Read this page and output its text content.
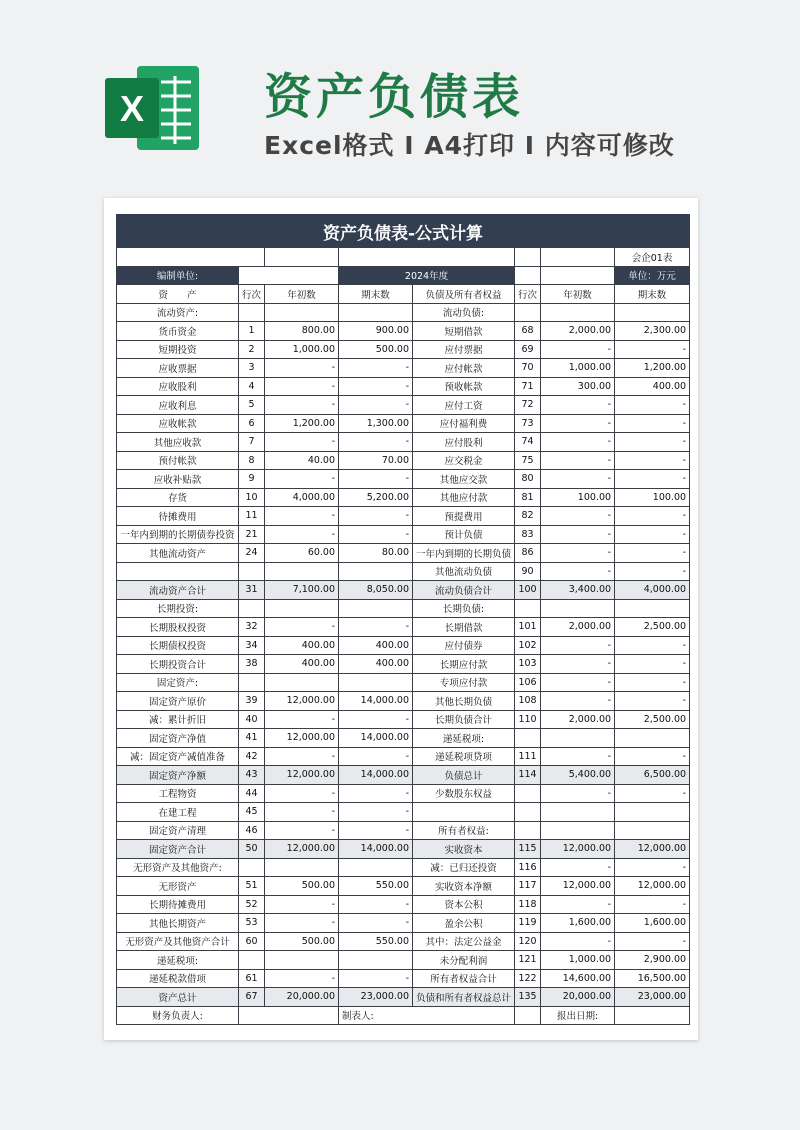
X 资产负债表
Excel格式 I A4打印 I 内容可修改
资产负债表-公式计算							
							会企01表
编制单位:			2024年度				单位：万元
资　　产	行次	年初数	期末数	负债及所有者权益	行次	年初数	期末数
流动资产:				流动负债:			
货币资金	1	800.00	900.00	短期借款	68	2,000.00	2,300.00
短期投资	2	1,000.00	500.00	应付票据	69	-	-
应收票据	3	-	-	应付帐款	70	1,000.00	1,200.00
应收股利	4	-	-	预收帐款	71	300.00	400.00
应收利息	5	-	-	应付工资	72	-	-
应收帐款	6	1,200.00	1,300.00	应付福利费	73	-	-
其他应收款	7	-	-	应付股利	74	-	-
预付帐款	8	40.00	70.00	应交税金	75	-	-
应收补贴款	9	-	-	其他应交款	80	-	-
存货	10	4,000.00	5,200.00	其他应付款	81	100.00	100.00
待摊费用	11	-	-	预提费用	82	-	-
一年内到期的长期债券投资	21	-	-	预计负债	83	-	-
其他流动资产	24	60.00	80.00	一年内到期的长期负债	86	-	-
				其他流动负债	90	-	-
流动资产合计	31	7,100.00	8,050.00	流动负债合计	100	3,400.00	4,000.00
长期投资:				长期负债:			
长期股权投资	32	-	-	长期借款	101	2,000.00	2,500.00
长期债权投资	34	400.00	400.00	应付债券	102	-	-
长期投资合计	38	400.00	400.00	长期应付款	103	-	-
固定资产:				专项应付款	106	-	-
固定资产原价	39	12,000.00	14,000.00	其他长期负债	108	-	-
减：累计折旧	40	-	-	长期负债合计	110	2,000.00	2,500.00
固定资产净值	41	12,000.00	14,000.00	递延税项:			
减：固定资产减值准备	42	-	-	递延税项贷项	111	-	-
固定资产净额	43	12,000.00	14,000.00	负债总计	114	5,400.00	6,500.00
工程物资	44	-	-	少数股东权益		-	-
在建工程	45	-	-				
固定资产清理	46	-	-	所有者权益:			
固定资产合计	50	12,000.00	14,000.00	实收资本	115	12,000.00	12,000.00
无形资产及其他资产:				减：已归还投资	116	-	-
无形资产	51	500.00	550.00	实收资本净额	117	12,000.00	12,000.00
长期待摊费用	52	-	-	资本公积	118	-	-
其他长期资产	53	-	-	盈余公积	119	1,600.00	1,600.00
无形资产及其他资产合计	60	500.00	550.00	其中：法定公益金	120	-	-
递延税项:				未分配利润	121	1,000.00	2,900.00
递延税款借项	61	-	-	所有者权益合计	122	14,600.00	16,500.00
资产总计	67	20,000.00	23,000.00	负债和所有者权益总计	135	20,000.00	23,000.00
财务负责人:			制表人:			报出日期:	
